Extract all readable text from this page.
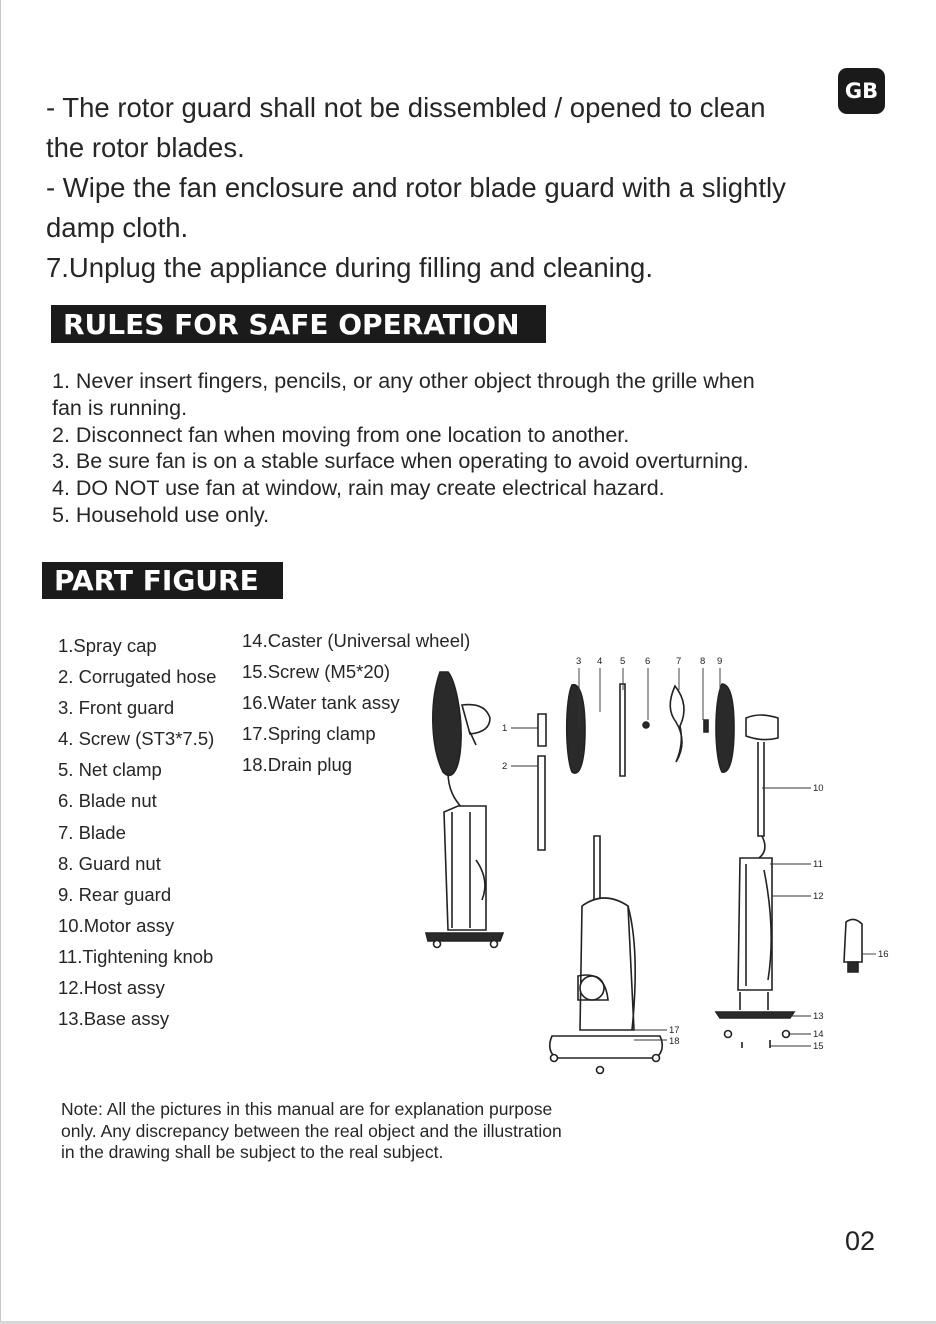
GB

- The rotor guard shall not be dissembled / opened to clean

the rotor blades.

- Wipe the fan enclosure and rotor blade guard with a slightly

damp cloth.

7.Unplug the appliance during filling and cleaning.

RULES FOR SAFE OPERATION

1. Never insert fingers, pencils, or any other object through the grille when

fan is running.

2. Disconnect fan when moving from one location to another.

3. Be sure fan is on a stable surface when operating to avoid overturning.

4. DO NOT use fan at window, rain may create electrical hazard.

5. Household use only.

PART FIGURE
1.Spray cap
2. Corrugated hose
3. Front guard
4. Screw (ST3*7.5)
5. Net clamp
6. Blade nut
7. Blade
8. Guard nut
9. Rear guard
10.Motor assy
11.Tightening knob
12.Host assy
13.Base assy
14.Caster (Universal wheel)
15.Screw (M5*20)
16.Water tank assy
17.Spring clamp
18.Drain plug
3 4 5 6	7 8 9
1
2
10
11
12
13
14
15
16
17
18

Note: All the pictures in this manual are for explanation purpose

only. Any discrepancy between the real object and the illustration

in the drawing shall be subject to the real subject.

02
